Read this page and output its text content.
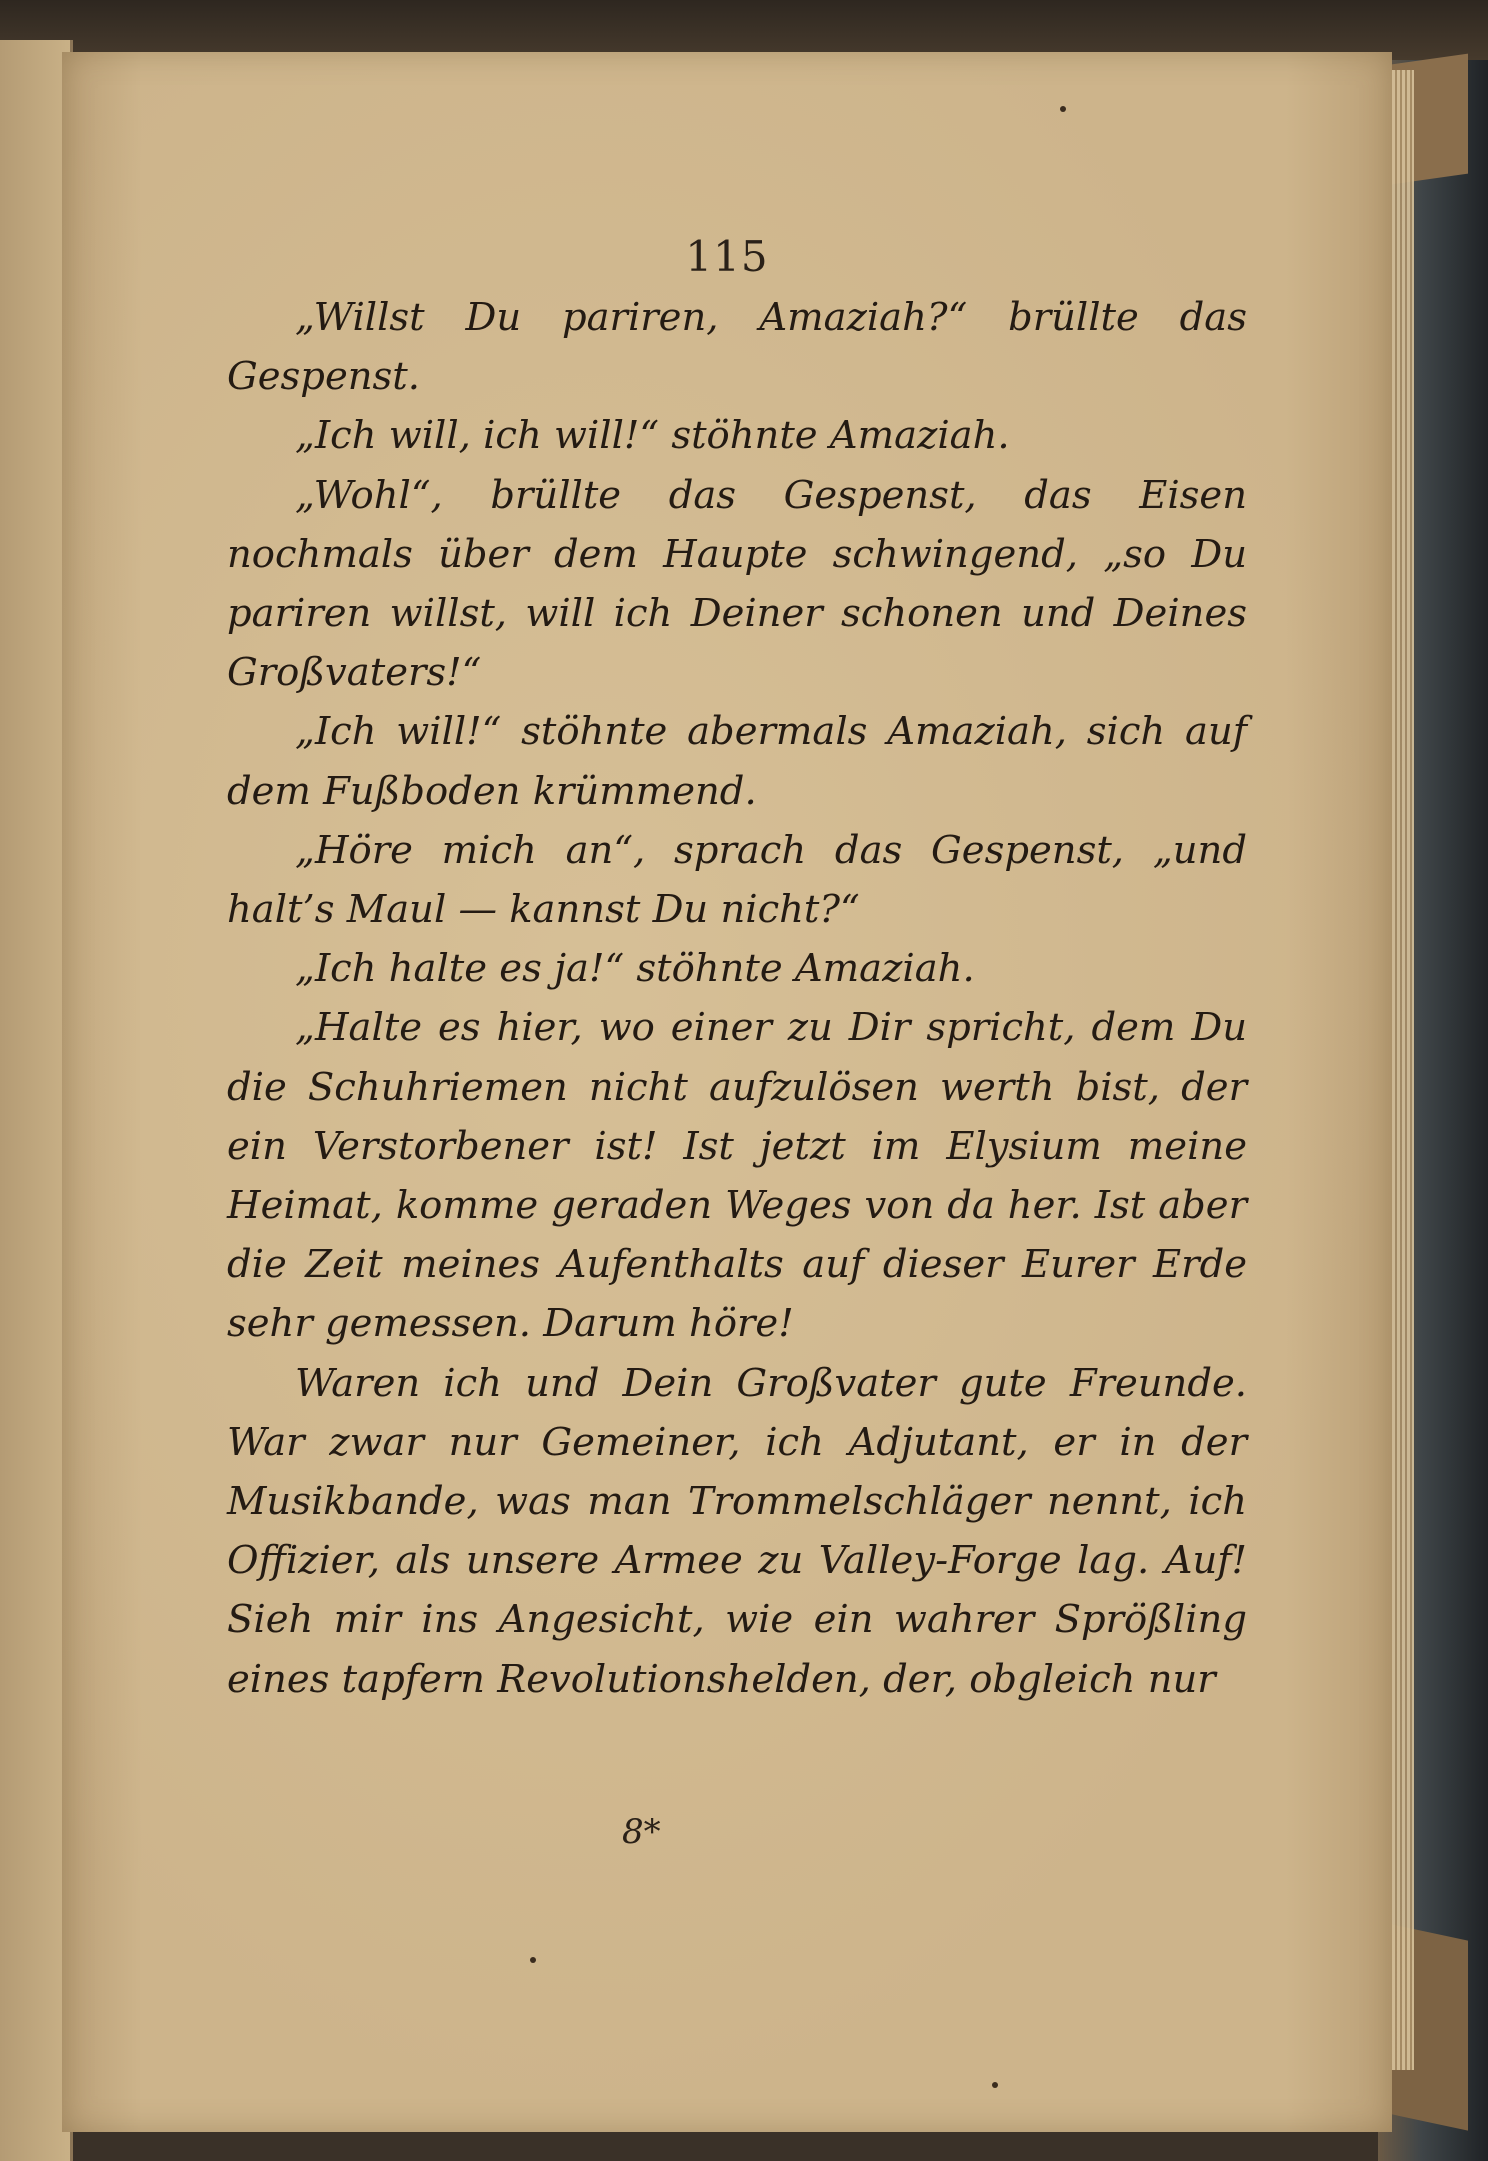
115

„Willst Du pariren, Amaziah?“ brüllte das Gespenst.

„Ich will, ich will!“ stöhnte Amaziah.

„Wohl“, brüllte das Gespenst, das Eisen nochmals über dem Haupte schwingend, „so Du pariren willst, will ich Deiner schonen und Deines Großvaters!“

„Ich will!“ stöhnte abermals Amaziah, sich auf dem Fußboden krümmend.

„Höre mich an“, sprach das Gespenst, „und halt’s Maul — kannst Du nicht?“

„Ich halte es ja!“ stöhnte Amaziah.

„Halte es hier, wo einer zu Dir spricht, dem Du die Schuhriemen nicht aufzulösen werth bist, der ein Verstorbener ist! Ist jetzt im Elysium meine Heimat, komme geraden Weges von da her. Ist aber die Zeit meines Aufenthalts auf dieser Eurer Erde sehr gemessen. Darum höre!

Waren ich und Dein Großvater gute Freunde. War zwar nur Gemeiner, ich Adjutant, er in der Musikbande, was man Trommelschläger nennt, ich Offizier, als unsere Armee zu Valley-Forge lag. Auf! Sieh mir ins Angesicht, wie ein wahrer Sprößling eines tapfern Revolutionshelden, der, obgleich nur

8*
